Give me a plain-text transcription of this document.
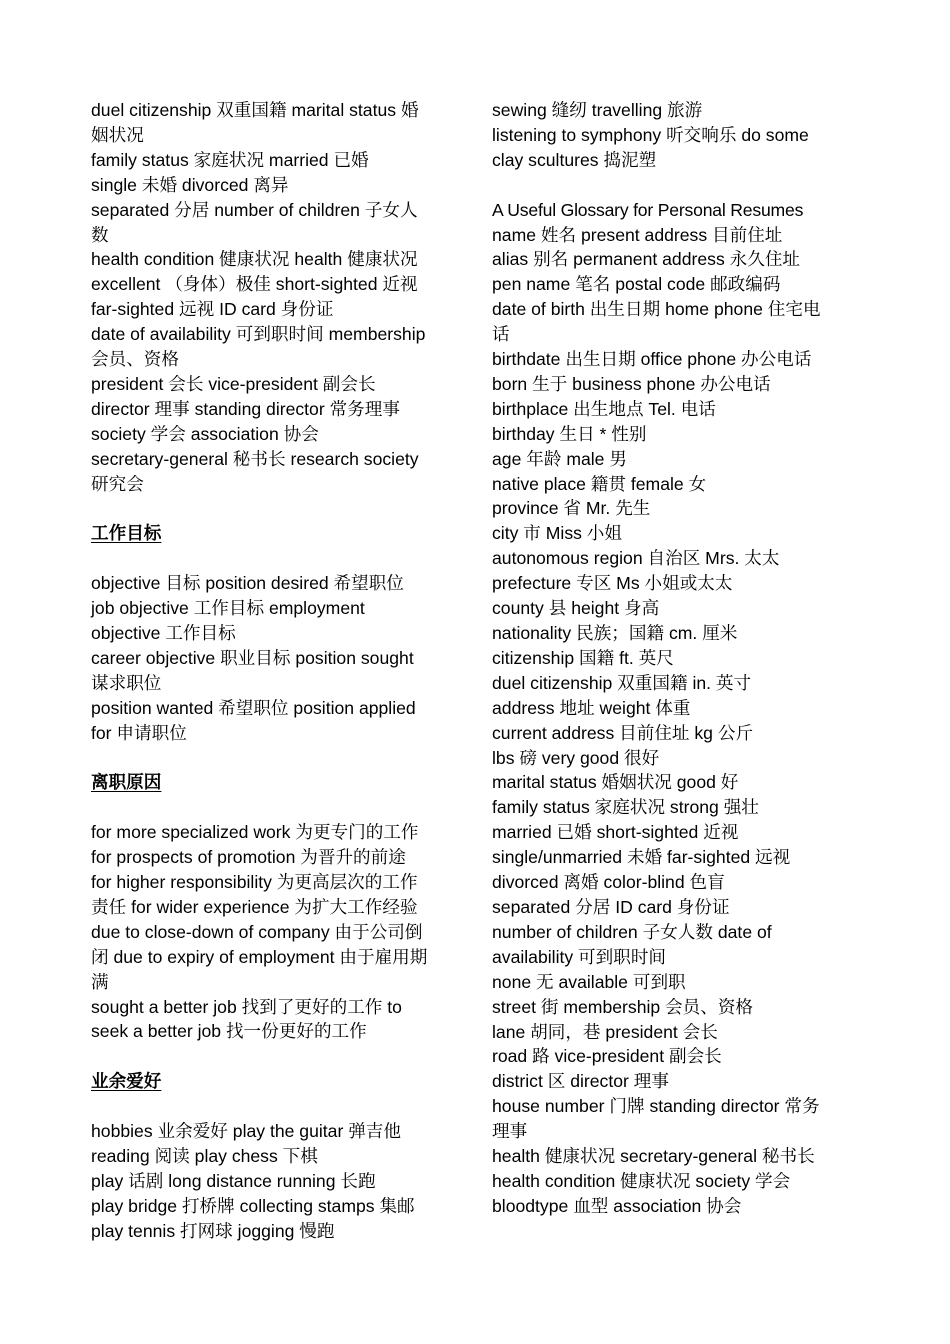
duel citizenship 双重国籍 marital status 婚
姻状况
family status 家庭状况 married 已婚
single 未婚 divorced 离异
separated 分居 number of children 子女人
数
health condition 健康状况 health 健康状况
excellent （身体）极佳 short-sighted 近视
far-sighted 远视 ID card 身份证
date of availability 可到职时间 membership
会员、资格
president 会长 vice-president 副会长
director 理事 standing director 常务理事
society 学会 association 协会
secretary-general 秘书长 research society
研究会
工作目标
objective 目标 position desired 希望职位
job objective 工作目标 employment
objective 工作目标
career objective 职业目标 position sought
谋求职位
position wanted 希望职位 position applied
for 申请职位
离职原因
for more specialized work 为更专门的工作
for prospects of promotion 为晋升的前途
for higher responsibility 为更高层次的工作
责任 for wider experience 为扩大工作经验
due to close-down of company 由于公司倒
闭 due to expiry of employment 由于雇用期
满
sought a better job 找到了更好的工作 to
seek a better job 找一份更好的工作
业余爱好
hobbies 业余爱好 play the guitar 弹吉他
reading 阅读 play chess 下棋
play 话剧 long distance running 长跑
play bridge 打桥牌 collecting stamps 集邮
play tennis 打网球 jogging 慢跑
sewing 缝纫 travelling 旅游
listening to symphony 听交响乐 do some
clay scultures 捣泥塑
A Useful Glossary for Personal Resumes
name 姓名 present address 目前住址
alias 别名 permanent address 永久住址
pen name 笔名 postal code 邮政编码
date of birth 出生日期 home phone 住宅电
话
birthdate 出生日期 office phone 办公电话
born 生于 business phone 办公电话
birthplace 出生地点 Tel. 电话
birthday 生日 * 性别
age 年龄 male 男
native place 籍贯 female 女
province 省 Mr. 先生
city 市 Miss 小姐
autonomous region 自治区 Mrs. 太太
prefecture 专区 Ms 小姐或太太
county 县 height 身高
nationality 民族；国籍 cm. 厘米
citizenship 国籍 ft. 英尺
duel citizenship 双重国籍 in. 英寸
address 地址 weight 体重
current address 目前住址 kg 公斤
lbs 磅 very good 很好
marital status 婚姻状况 good 好
family status 家庭状况 strong 强壮
married 已婚 short-sighted 近视
single/unmarried 未婚 far-sighted 远视
divorced 离婚 color-blind 色盲
separated 分居 ID card 身份证
number of children 子女人数 date of
availability 可到职时间
none 无 available 可到职
street 街 membership 会员、资格
lane 胡同，巷 president 会长
road 路 vice-president 副会长
district 区 director 理事
house number 门牌 standing director 常务
理事
health 健康状况 secretary-general 秘书长
health condition 健康状况 society 学会
bloodtype 血型 association 协会
